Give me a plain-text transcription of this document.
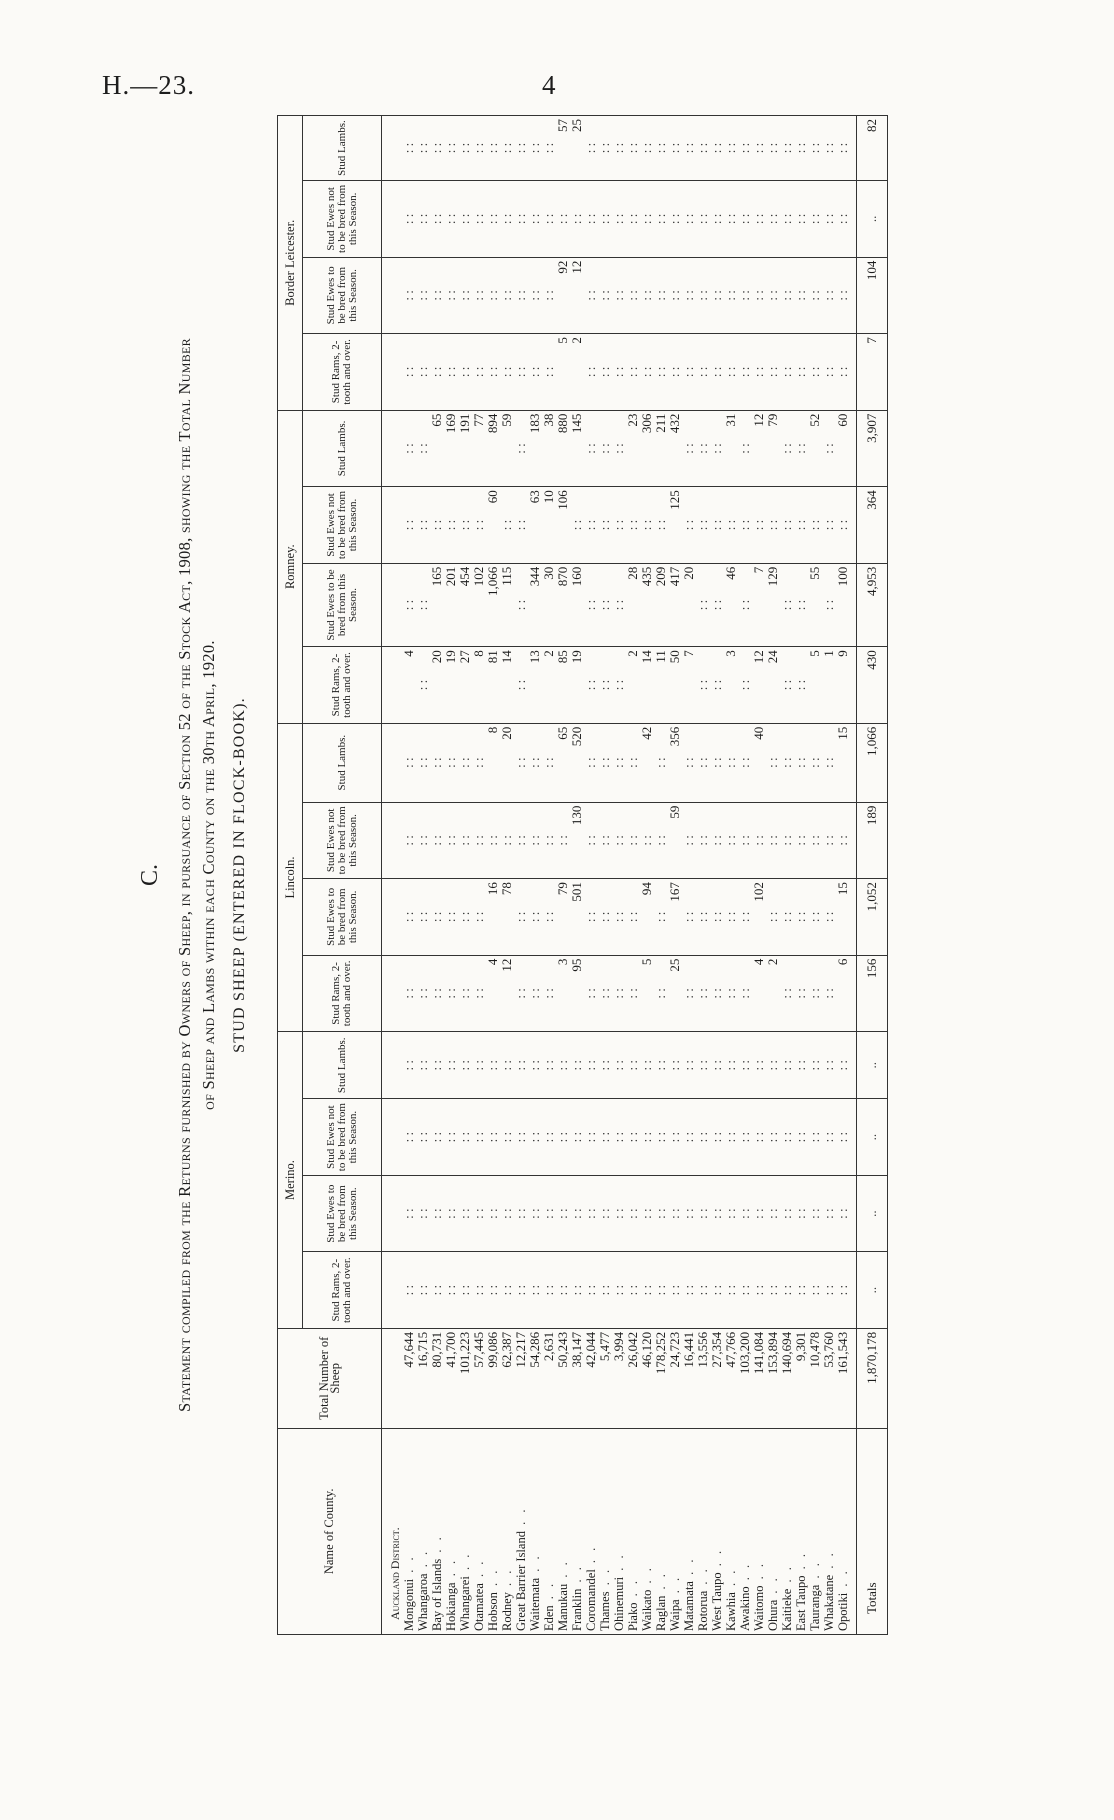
H.—23.	4
C. Statement compiled from the Returns furnished by Owners of Sheep, in pursuance of Section 52 of the Stock Act, 1908, showing the Total Number of Sheep and Lambs within each County on the 30th April, 1920. STUD SHEEP (ENTERED IN FLOCK-BOOK).
Name of County.	Total Number of Sheep	Merino.				Lincoln.				Romney.				Border Leicester.			
		Stud Rams, 2-tooth and over.	Stud Ewes to be bred from this Season.	Stud Ewes not to be bred from this Season.	Stud Lambs.	Stud Rams, 2-tooth and over.	Stud Ewes to be bred from this Season.	Stud Ewes not to be bred from this Season.	Stud Lambs.	Stud Rams, 2-tooth and over.	Stud Ewes to be bred from this Season.	Stud Ewes not to be bred from this Season.	Stud Lambs.	Stud Rams, 2-tooth and over.	Stud Ewes to be bred from this Season.	Stud Ewes not to be bred from this Season.	Stud Lambs.
Auckland District.																	
Mongonui . .	47,644	: :	: :	: :	: :	: :	: :	: :	: :	4	: :	: :	: :	: :	: :	: :	: :
Whangaroa . .	16,715	: :	: :	: :	: :	: :	: :	: :	: :	: :	: :	: :	: :	: :	: :	: :	: :
Bay of Islands . .	80,731	: :	: :	: :	: :	: :	: :	: :	: :	20	165	: :	65	: :	: :	: :	: :
Hokianga . .	41,700	: :	: :	: :	: :	: :	: :	: :	: :	19	201	: :	169	: :	: :	: :	: :
Whangarei . .	101,223	: :	: :	: :	: :	: :	: :	: :	: :	27	454	: :	191	: :	: :	: :	: :
Otamatea . .	57,445	: :	: :	: :	: :	: :	: :	: :	: :	8	102	: :	77	: :	: :	: :	: :
Hobson . .	99,086	: :	: :	: :	: :	4	16	: :	8	81	1,066	60	894	: :	: :	: :	: :
Rodney . .	62,387	: :	: :	: :	: :	12	78	: :	20	14	115	: :	59	: :	: :	: :	: :
Great Barrier Island . .	12,217	: :	: :	: :	: :	: :	: :	: :	: :	: :	: :	: :	: :	: :	: :	: :	: :
Waitemata . .	54,286	: :	: :	: :	: :	: :	: :	: :	: :	13	344	63	183	: :	: :	: :	: :
Eden . .	2,631	: :	: :	: :	: :	: :	: :	: :	: :	2	30	10	38	: :	: :	: :	: :
Manukau . .	50,243	: :	: :	: :	: :	3	79	: :	65	85	870	106	880	5	92	: :	57
Franklin . .	38,147	: :	: :	: :	: :	95	501	130	520	19	160	: :	145	2	12	: :	25
Coromandel . .	42,044	: :	: :	: :	: :	: :	: :	: :	: :	: :	: :	: :	: :	: :	: :	: :	: :
Thames . .	5,477	: :	: :	: :	: :	: :	: :	: :	: :	: :	: :	: :	: :	: :	: :	: :	: :
Ohinemuri . .	3,994	: :	: :	: :	: :	: :	: :	: :	: :	: :	: :	: :	: :	: :	: :	: :	: :
Piako . .	26,042	: :	: :	: :	: :	: :	: :	: :	: :	2	28	: :	23	: :	: :	: :	: :
Waikato . .	46,120	: :	: :	: :	: :	5	94	: :	42	14	435	: :	306	: :	: :	: :	: :
Raglan . .	178,252	: :	: :	: :	: :	: :	: :	: :	: :	11	209	: :	211	: :	: :	: :	: :
Waipa . .	24,723	: :	: :	: :	: :	25	167	59	356	50	417	125	432	: :	: :	: :	: :
Matamata . .	16,441	: :	: :	: :	: :	: :	: :	: :	: :	7	20	: :	: :	: :	: :	: :	: :
Rotorua . .	13,556	: :	: :	: :	: :	: :	: :	: :	: :	: :	: :	: :	: :	: :	: :	: :	: :
West Taupo . .	27,354	: :	: :	: :	: :	: :	: :	: :	: :	: :	: :	: :	: :	: :	: :	: :	: :
Kawhia . .	47,766	: :	: :	: :	: :	: :	: :	: :	: :	3	46	: :	31	: :	: :	: :	: :
Awakino . .	103,200	: :	: :	: :	: :	: :	: :	: :	: :	: :	: :	: :	: :	: :	: :	: :	: :
Waitomo . .	141,084	: :	: :	: :	: :	4	102	: :	40	12	7	: :	12	: :	: :	: :	: :
Ohura . .	153,894	: :	: :	: :	: :	2	: :	: :	: :	24	129	: :	79	: :	: :	: :	: :
Kaitieke . .	140,694	: :	: :	: :	: :	: :	: :	: :	: :	: :	: :	: :	: :	: :	: :	: :	: :
East Taupo . .	9,301	: :	: :	: :	: :	: :	: :	: :	: :	: :	: :	: :	: :	: :	: :	: :	: :
Tauranga . .	10,478	: :	: :	: :	: :	: :	: :	: :	: :	5	55	: :	52	: :	: :	: :	: :
Whakatane . .	53,760	: :	: :	: :	: :	: :	: :	: :	: :	1	: :	: :	: :	: :	: :	: :	: :
Opotiki . .	161,543	: :	: :	: :	: :	6	15	: :	15	9	100	: :	60	: :	: :	: :	: :

Totals	1,870,178	..	..	..	..	156	1,052	189	1,066	430	4,953	364	3,907	7	104	..	82
